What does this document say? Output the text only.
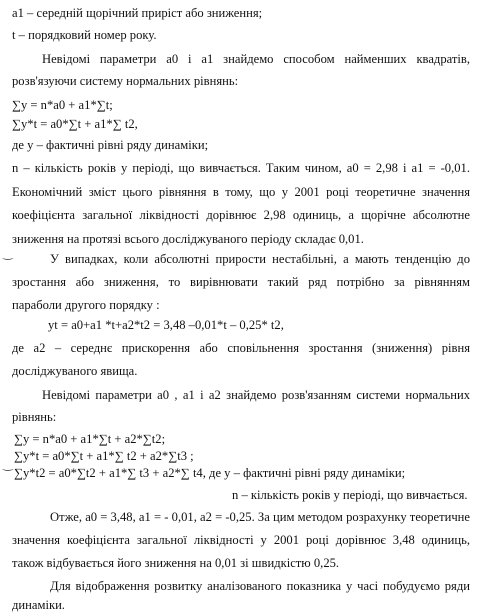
a1 – середній щорічний приріст або зниження;
t – порядковий номер року.
Невідомі параметри а0 і а1 знайдемо способом найменших квадратів,
розв'язуючи систему нормальних рівнянь:
∑y = n*a0 + a1*∑t;
∑y*t = a0*∑t + a1*∑ t2,
де y – фактичні рівні ряду динаміки;
n – кількість років у періоді, що вивчається. Таким чином, а0 = 2,98 і а1 = -0,01.
Економічний зміст цього рівняння в тому, що у 2001 році теоретичне значення
коефіцієнта загальної ліквідності дорівнює 2,98 одиниць, а щорічне абсолютне
зниження на протязі всього досліджуваного періоду складає 0,01.
‿	У випадках, коли абсолютні прирости нестабільні, а мають тенденцію до
зростання або зниження, то вирівнювати такий ряд потрібно за рівнянням
параболи другого порядку :
yt = a0+a1 *t+a2*t2 = 3,48 –0,01*t – 0,25* t2,
де а2 – середнє прискорення або сповільнення зростання (зниження) рівня
досліджуваного явища.
Невідомі параметри а0 , а1 і а2 знайдемо розв'язанням системи нормальних
рівнянь:
∑y = n*a0 + a1*∑t + a2*∑t2;
∑y*t = a0*∑t + a1*∑ t2 + a2*∑t3 ;
∑y*t2 = a0*∑t2 + a1*∑ t3 + a2*∑ t4, де y – фактичні рівні ряду динаміки;
‿
n – кількість років у періоді, що вивчається.
Отже, а0 = 3,48, а1 = - 0,01, а2 = -0,25. За цим методом розрахунку теоретичне
значення коефіцієнта загальної ліквідності у 2001 році дорівнює 3,48 одиниць,
також відбувається його зниження на 0,01 зі швидкістю 0,25.
Для відображення розвитку аналізованого показника у часі побудуємо ряди
динаміки.
